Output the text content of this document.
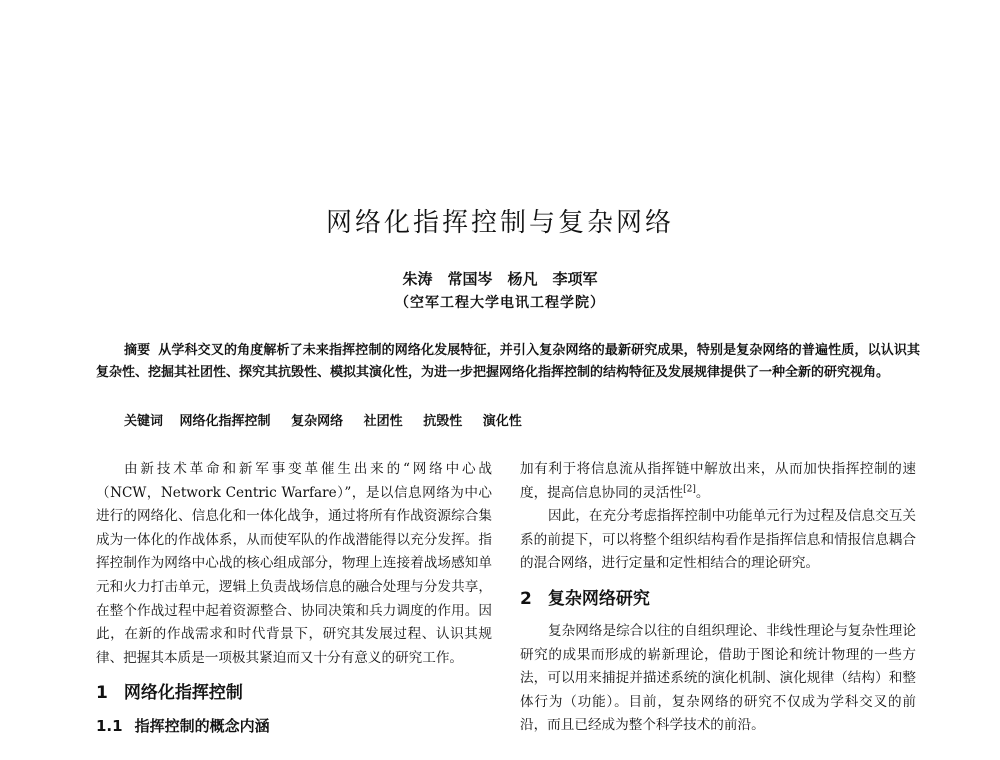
网络化指挥控制与复杂网络
朱涛　常国岑　杨凡　李项军
（空军工程大学电讯工程学院）

摘要 从学科交叉的角度解析了未来指挥控制的网络化发展特征，并引入复杂网络的最新研究成果，特别是复杂网络的普遍性质，以认识其复杂性、挖掘其社团性、探究其抗毁性、模拟其演化性，为进一步把握网络化指挥控制的结构特征及发展规律提供了一种全新的研究视角。

关键词 网络化指挥控制 复杂网络 社团性 抗毁性 演化性

由新技术革命和新军事变革催生出来的“网络中心战（NCW，Network Centric Warfare）”，是以信息网络为中心进行的网络化、信息化和一体化战争，通过将所有作战资源综合集成为一体化的作战体系，从而使军队的作战潜能得以充分发挥。指挥控制作为网络中心战的核心组成部分，物理上连接着战场感知单元和火力打击单元，逻辑上负责战场信息的融合处理与分发共享，在整个作战过程中起着资源整合、协同决策和兵力调度的作用。因此，在新的作战需求和时代背景下，研究其发展过程、认识其规律、把握其本质是一项极其紧迫而又十分有意义的研究工作。

1 网络化指挥控制
1.1 指挥控制的概念内涵

加有利于将信息流从指挥链中解放出来，从而加快指挥控制的速度，提高信息协同的灵活性[2]。

因此，在充分考虑指挥控制中功能单元行为过程及信息交互关系的前提下，可以将整个组织结构看作是指挥信息和情报信息耦合的混合网络，进行定量和定性相结合的理论研究。

2 复杂网络研究

复杂网络是综合以往的自组织理论、非线性理论与复杂性理论研究的成果而形成的崭新理论，借助于图论和统计物理的一些方法，可以用来捕捉并描述系统的演化机制、演化规律（结构）和整体行为（功能）。目前，复杂网络的研究不仅成为学科交叉的前沿，而且已经成为整个科学技术的前沿。
